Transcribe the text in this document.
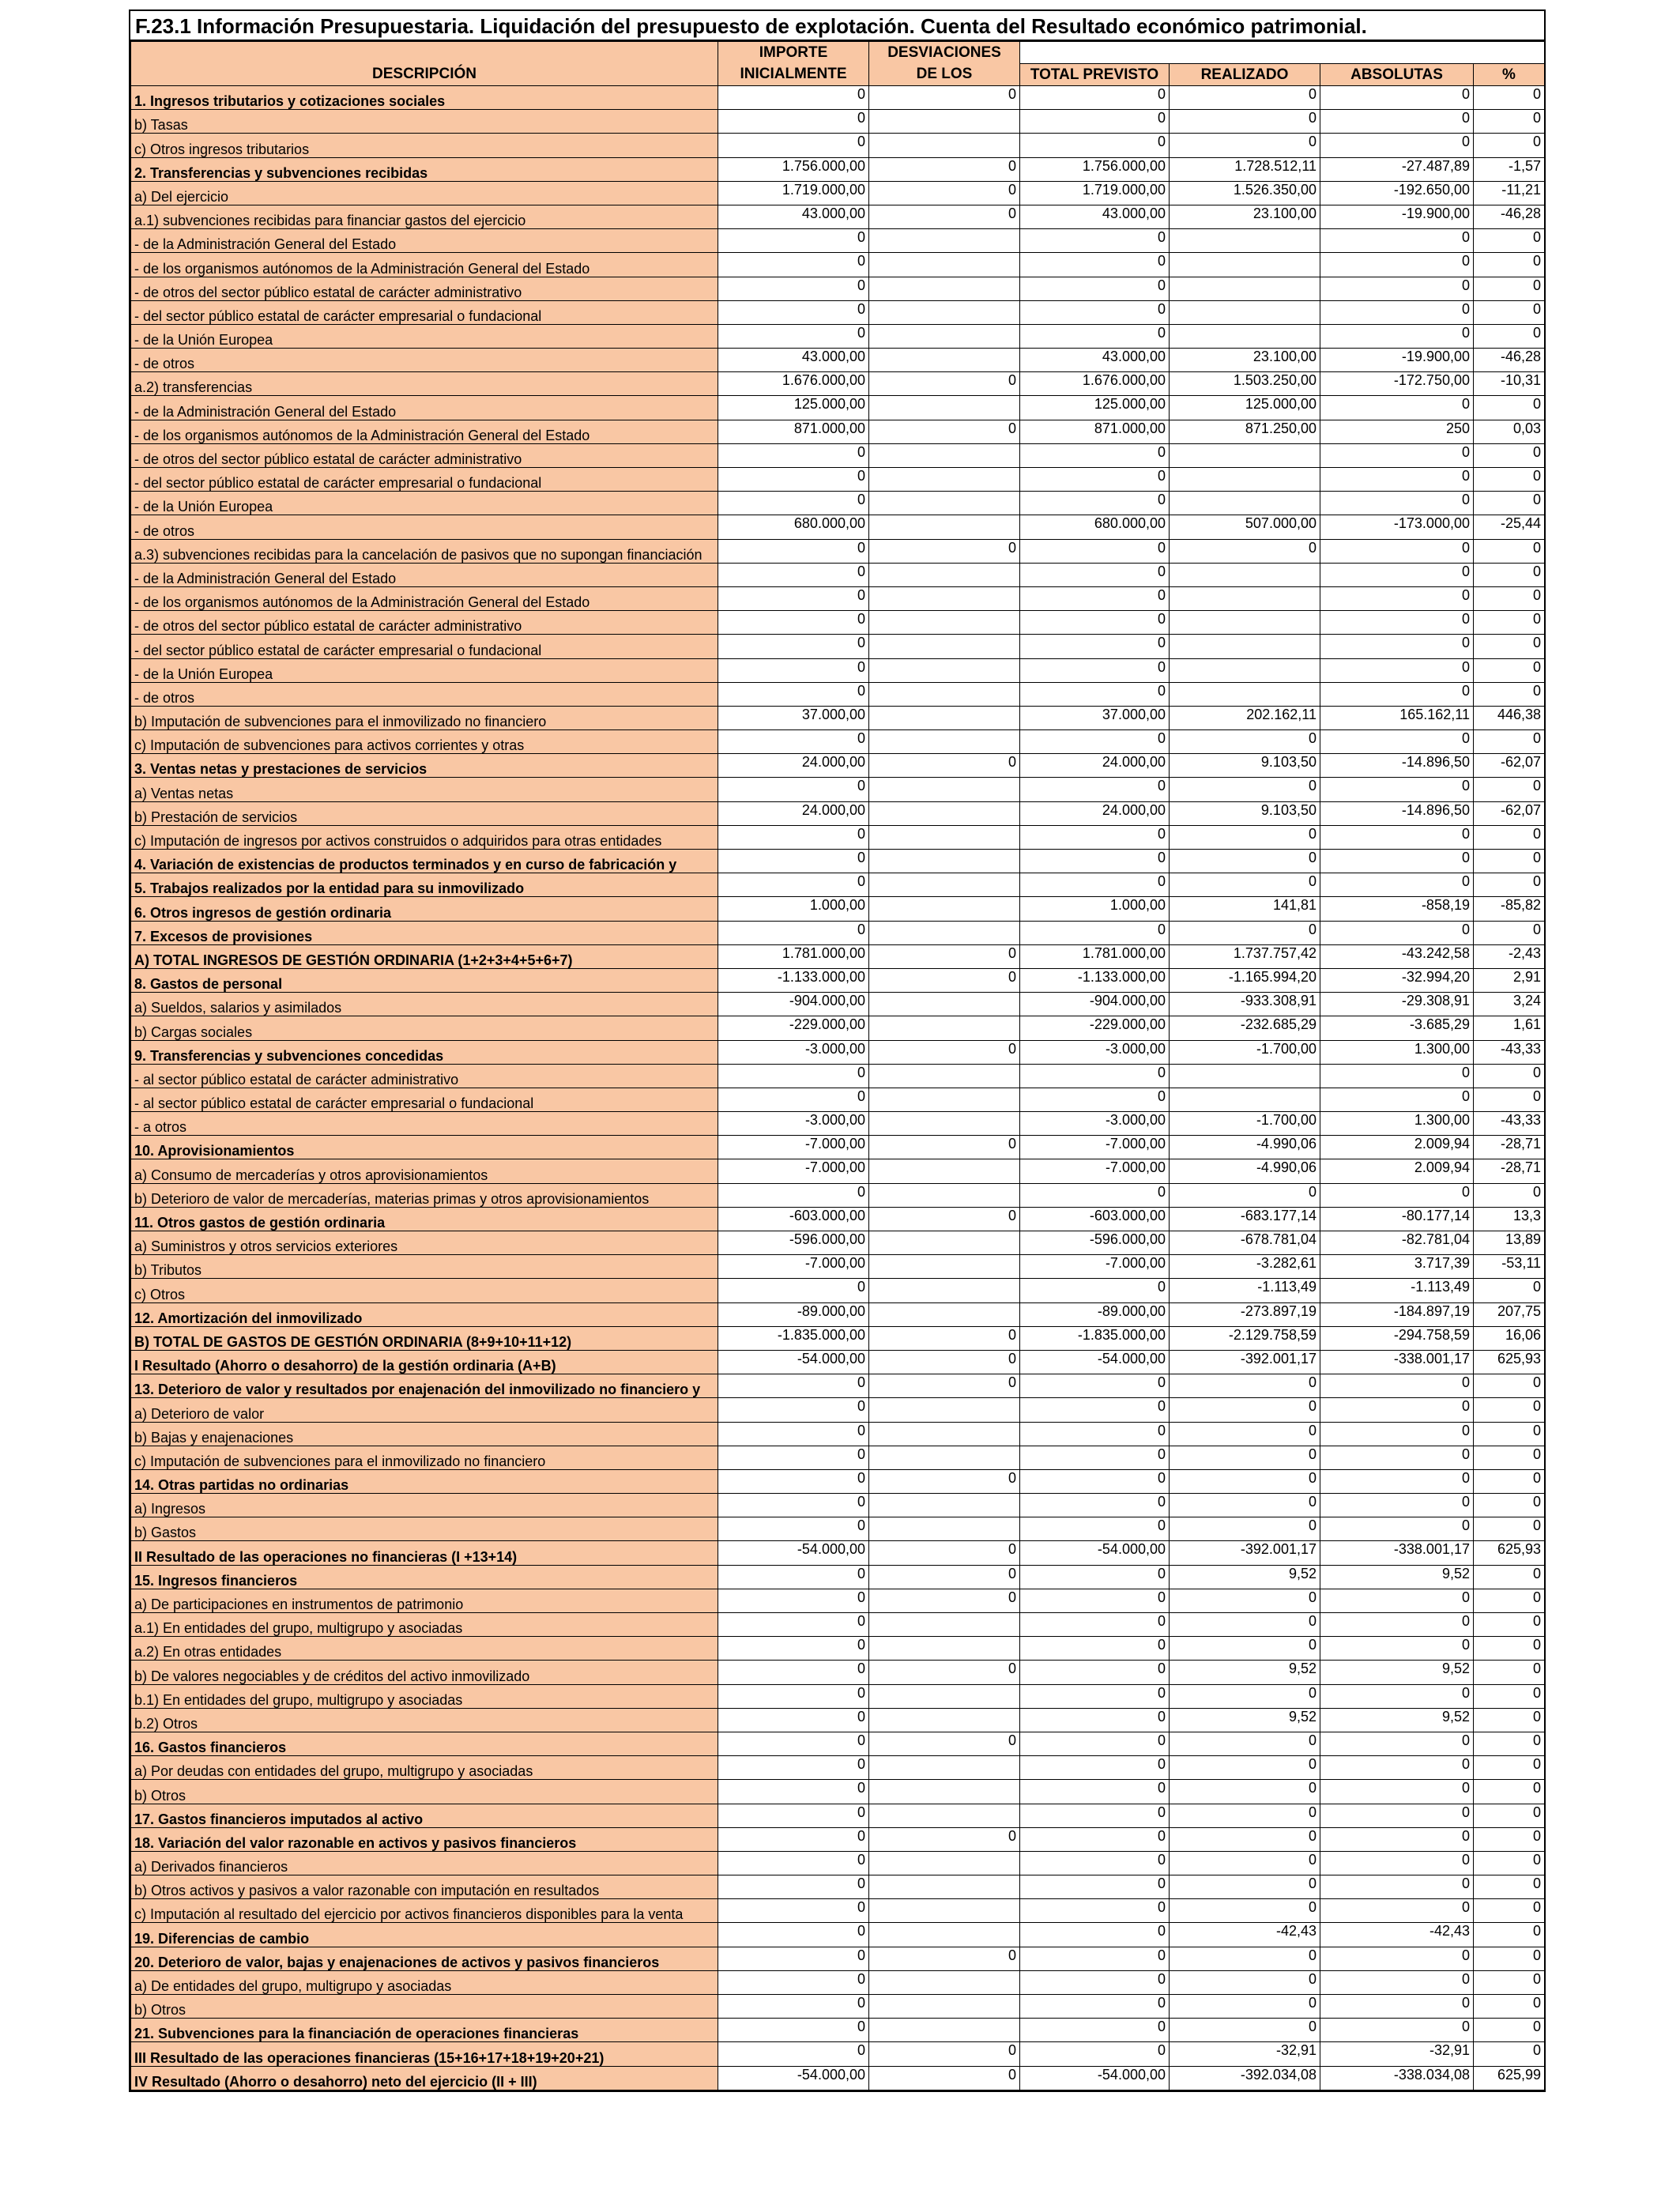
F.23.1 Información Presupuestaria. Liquidación del presupuesto de explotación. Cuenta del Resultado económico patrimonial.
	IMPORTE	DESVIACIONES				
DESCRIPCIÓN	INICIALMENTE	DE LOS	TOTAL PREVISTO	REALIZADO	ABSOLUTAS	%
1. Ingresos tributarios y cotizaciones sociales	0	0	0	0	0	0
b) Tasas	0		0	0	0	0
c) Otros ingresos tributarios	0		0	0	0	0
2. Transferencias y subvenciones recibidas	1.756.000,00	0	1.756.000,00	1.728.512,11	-27.487,89	-1,57
a) Del ejercicio	1.719.000,00	0	1.719.000,00	1.526.350,00	-192.650,00	-11,21
a.1) subvenciones recibidas para financiar gastos del ejercicio	43.000,00	0	43.000,00	23.100,00	-19.900,00	-46,28
- de la Administración General del Estado	0		0		0	0
- de los organismos autónomos de la Administración General del Estado	0		0		0	0
- de otros del sector público estatal de carácter administrativo	0		0		0	0
- del sector público estatal de carácter empresarial o fundacional	0		0		0	0
- de la Unión Europea	0		0		0	0
- de otros	43.000,00		43.000,00	23.100,00	-19.900,00	-46,28
a.2) transferencias	1.676.000,00	0	1.676.000,00	1.503.250,00	-172.750,00	-10,31
- de la Administración General del Estado	125.000,00		125.000,00	125.000,00	0	0
- de los organismos autónomos de la Administración General del Estado	871.000,00	0	871.000,00	871.250,00	250	0,03
- de otros del sector público estatal de carácter administrativo	0		0		0	0
- del sector público estatal de carácter empresarial o fundacional	0		0		0	0
- de la Unión Europea	0		0		0	0
- de otros	680.000,00		680.000,00	507.000,00	-173.000,00	-25,44
a.3) subvenciones recibidas para la cancelación de pasivos que no supongan financiación	0	0	0	0	0	0
- de la Administración General del Estado	0		0		0	0
- de los organismos autónomos de la Administración General del Estado	0		0		0	0
- de otros del sector público estatal de carácter administrativo	0		0		0	0
- del sector público estatal de carácter empresarial o fundacional	0		0		0	0
- de la Unión Europea	0		0		0	0
- de otros	0		0		0	0
b) Imputación de subvenciones para el inmovilizado no financiero	37.000,00		37.000,00	202.162,11	165.162,11	446,38
c) Imputación de subvenciones para activos corrientes y otras	0		0	0	0	0
3. Ventas netas y prestaciones de servicios	24.000,00	0	24.000,00	9.103,50	-14.896,50	-62,07
a) Ventas netas	0		0	0	0	0
b) Prestación de servicios	24.000,00		24.000,00	9.103,50	-14.896,50	-62,07
c) Imputación de ingresos por activos construidos o adquiridos para otras entidades	0		0	0	0	0
4. Variación de existencias de productos terminados y en curso de fabricación y	0		0	0	0	0
5. Trabajos realizados por la entidad para su inmovilizado	0		0	0	0	0
6. Otros ingresos de gestión ordinaria	1.000,00		1.000,00	141,81	-858,19	-85,82
7. Excesos de provisiones	0		0	0	0	0
A) TOTAL INGRESOS DE GESTIÓN ORDINARIA (1+2+3+4+5+6+7)	1.781.000,00	0	1.781.000,00	1.737.757,42	-43.242,58	-2,43
8. Gastos de personal	-1.133.000,00	0	-1.133.000,00	-1.165.994,20	-32.994,20	2,91
a) Sueldos, salarios y asimilados	-904.000,00		-904.000,00	-933.308,91	-29.308,91	3,24
b) Cargas sociales	-229.000,00		-229.000,00	-232.685,29	-3.685,29	1,61
9. Transferencias y subvenciones concedidas	-3.000,00	0	-3.000,00	-1.700,00	1.300,00	-43,33
- al sector público estatal de carácter administrativo	0		0		0	0
- al sector público estatal de carácter empresarial o fundacional	0		0		0	0
- a otros	-3.000,00		-3.000,00	-1.700,00	1.300,00	-43,33
10. Aprovisionamientos	-7.000,00	0	-7.000,00	-4.990,06	2.009,94	-28,71
a) Consumo de mercaderías y otros aprovisionamientos	-7.000,00		-7.000,00	-4.990,06	2.009,94	-28,71
b) Deterioro de valor de mercaderías, materias primas y otros aprovisionamientos	0		0	0	0	0
11. Otros gastos de gestión ordinaria	-603.000,00	0	-603.000,00	-683.177,14	-80.177,14	13,3
a) Suministros y otros servicios exteriores	-596.000,00		-596.000,00	-678.781,04	-82.781,04	13,89
b) Tributos	-7.000,00		-7.000,00	-3.282,61	3.717,39	-53,11
c) Otros	0		0	-1.113,49	-1.113,49	0
12. Amortización del inmovilizado	-89.000,00		-89.000,00	-273.897,19	-184.897,19	207,75
B) TOTAL DE GASTOS DE GESTIÓN ORDINARIA (8+9+10+11+12)	-1.835.000,00	0	-1.835.000,00	-2.129.758,59	-294.758,59	16,06
I Resultado (Ahorro o desahorro) de la gestión ordinaria (A+B)	-54.000,00	0	-54.000,00	-392.001,17	-338.001,17	625,93
13. Deterioro de valor y resultados por enajenación del inmovilizado no financiero y	0	0	0	0	0	0
a) Deterioro de valor	0		0	0	0	0
b) Bajas y enajenaciones	0		0	0	0	0
c) Imputación de subvenciones para el inmovilizado no financiero	0		0	0	0	0
14. Otras partidas no ordinarias	0	0	0	0	0	0
a) Ingresos	0		0	0	0	0
b) Gastos	0		0	0	0	0
II Resultado de las operaciones no financieras (I +13+14)	-54.000,00	0	-54.000,00	-392.001,17	-338.001,17	625,93
15. Ingresos financieros	0	0	0	9,52	9,52	0
a) De participaciones en instrumentos de patrimonio	0	0	0	0	0	0
a.1) En entidades del grupo, multigrupo y asociadas	0		0	0	0	0
a.2) En otras entidades	0		0	0	0	0
b) De valores negociables y de créditos del activo inmovilizado	0	0	0	9,52	9,52	0
b.1) En entidades del grupo, multigrupo y asociadas	0		0	0	0	0
b.2) Otros	0		0	9,52	9,52	0
16. Gastos financieros	0	0	0	0	0	0
a) Por deudas con entidades del grupo, multigrupo y asociadas	0		0	0	0	0
b) Otros	0		0	0	0	0
17. Gastos financieros imputados al activo	0		0	0	0	0
18. Variación del valor razonable en activos y pasivos financieros	0	0	0	0	0	0
a) Derivados financieros	0		0	0	0	0
b) Otros activos y pasivos a valor razonable con imputación en resultados	0		0	0	0	0
c) Imputación al resultado del ejercicio por activos financieros disponibles para la venta	0		0	0	0	0
19. Diferencias de cambio	0		0	-42,43	-42,43	0
20. Deterioro de valor, bajas y enajenaciones de activos y pasivos financieros	0	0	0	0	0	0
a) De entidades del grupo, multigrupo y asociadas	0		0	0	0	0
b) Otros	0		0	0	0	0
21. Subvenciones para la financiación de operaciones financieras	0		0	0	0	0
III Resultado de las operaciones financieras (15+16+17+18+19+20+21)	0	0	0	-32,91	-32,91	0
IV Resultado (Ahorro o desahorro) neto del ejercicio (II + III)	-54.000,00	0	-54.000,00	-392.034,08	-338.034,08	625,99
